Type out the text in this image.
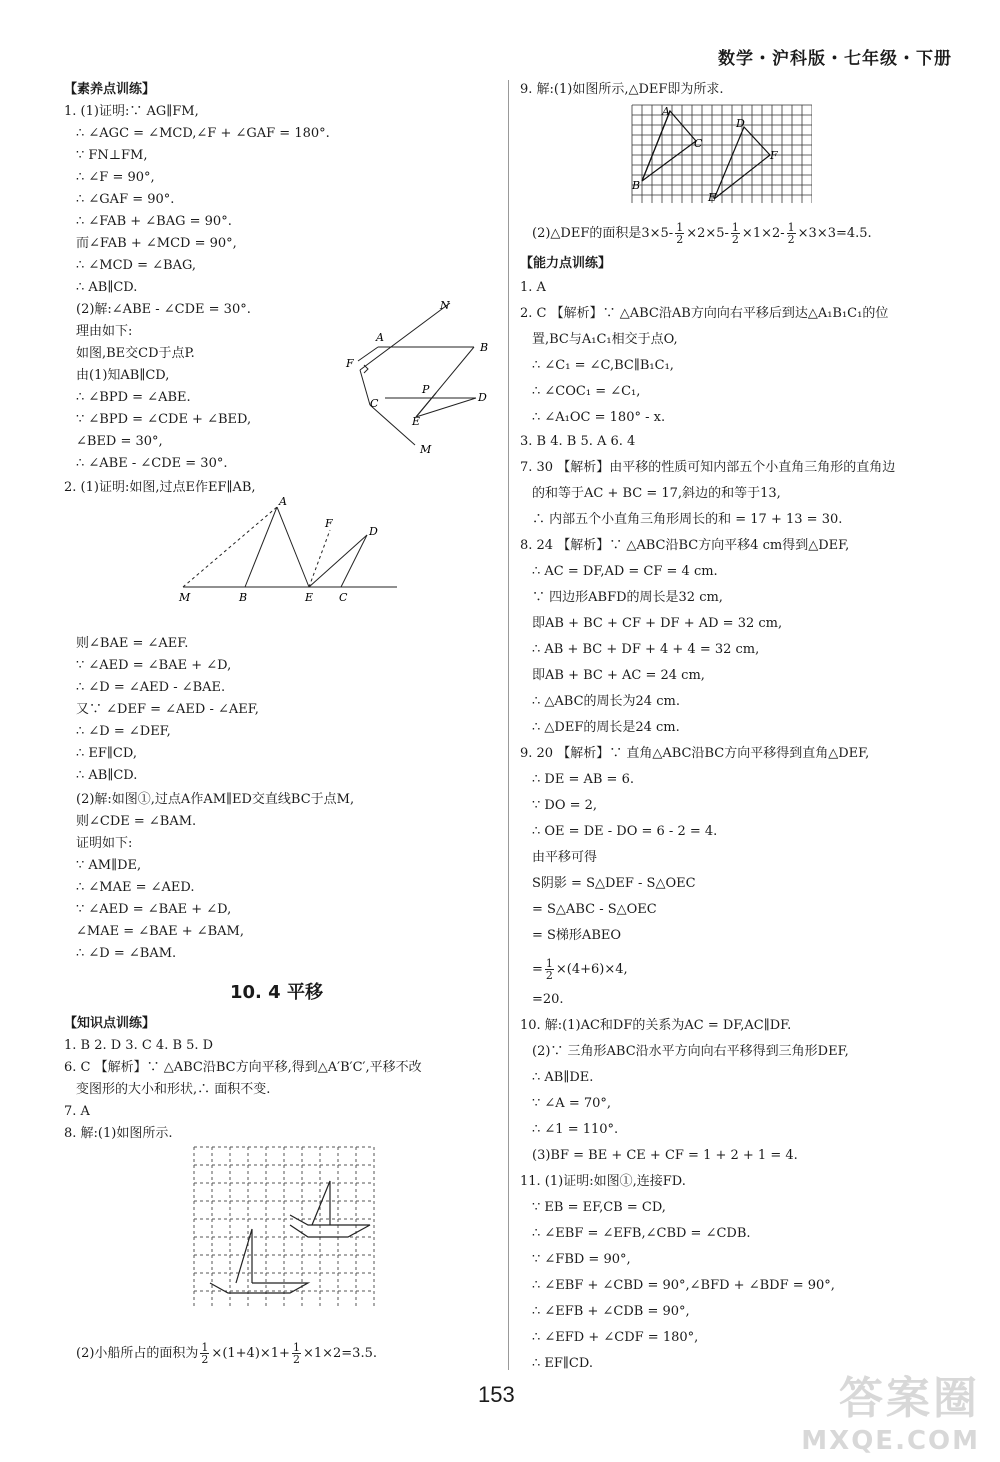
数学・沪科版・七年级・下册
【素养点训练】
1. (1)证明:∵ AG∥FM,
∴ ∠AGC = ∠MCD,∠F + ∠GAF = 180°.
∵ FN⊥FM,
∴ ∠F = 90°,
∴ ∠GAF = 90°.
∴ ∠FAB + ∠BAG = 90°.
而∠FAB + ∠MCD = 90°,
∴ ∠MCD = ∠BAG,
∴ AB∥CD.
(2)解:∠ABE - ∠CDE = 30°.
理由如下:
如图,BE交CD于点P.
由(1)知AB∥CD,
∴ ∠BPD = ∠ABE.
∵ ∠BPD = ∠CDE + ∠BED,
∠BED = 30°,
∴ ∠ABE - ∠CDE = 30°.
2. (1)证明:如图,过点E作EF∥AB,
则∠BAE = ∠AEF.
∵ ∠AED = ∠BAE + ∠D,
∴ ∠D = ∠AED - ∠BAE.
又∵ ∠DEF = ∠AED - ∠AEF,
∴ ∠D = ∠DEF,
∴ EF∥CD,
∴ AB∥CD.
(2)解:如图①,过点A作AM∥ED交直线BC于点M,
则∠CDE = ∠BAM.
证明如下:
∵ AM∥DE,
∴ ∠MAE = ∠AED.
∵ ∠AED = ∠BAE + ∠D,
∠MAE = ∠BAE + ∠BAM,
∴ ∠D = ∠BAM.
【知识点训练】
1. B 2. D 3. C 4. B 5. D
6. C 【解析】∵ △ABC沿BC方向平移,得到△A′B′C′,平移不改
变图形的大小和形状,∴ 面积不变.
7. A
8. 解:(1)如图所示.
(2)小船所占的面积为 $\frac{1}{2} \times(1+4)\times 1+ \frac{1}{2} \times 1\times 2=3.5$.
N
A
B
F
P
C	D
E
M
A
F
D
M	B	E C
10. 4 平移
9. 解:(1)如图所示,△DEF即为所求.
(2)△DEF的面积是$3\times 5- \frac{1}{2} \times 2\times 5- \frac{1}{2} \times 1\times 2- \frac{1}{2} \times 3\times 3=4.5$.
【能力点训练】
1. A
2. C 【解析】∵ △ABC沿AB方向向右平移后到达△A₁B₁C₁的位
置,BC与A₁C₁相交于点O,
∴ ∠C₁ = ∠C,BC∥B₁C₁,
∴ ∠COC₁ = ∠C₁,
∴ ∠A₁OC = 180° - x.
3. B 4. B 5. A 6. 4
7. 30 【解析】由平移的性质可知内部五个小直角三角形的直角边
的和等于AC + BC = 17,斜边的和等于13,
∴ 内部五个小直角三角形周长的和 = 17 + 13 = 30.
8. 24 【解析】∵ △ABC沿BC方向平移4 cm得到△DEF,
∴ AC = DF,AD = CF = 4 cm.
∵ 四边形ABFD的周长是32 cm,
即AB + BC + CF + DF + AD = 32 cm,
∴ AB + BC + DF + 4 + 4 = 32 cm,
即AB + BC + AC = 24 cm,
∴ △ABC的周长为24 cm.
∴ △DEF的周长是24 cm.
9. 20 【解析】∵ 直角△ABC沿BC方向平移得到直角△DEF,
∴ DE = AB = 6.
∵ DO = 2,
∴ OE = DE - DO = 6 - 2 = 4.
由平移可得
S阴影 = S△DEF - S△OEC
= S△ABC - S△OEC
= S梯形ABEO
= $\frac{1}{2} \times(4+6)\times 4$,
=20.
10. 解:(1)AC和DF的关系为AC = DF,AC∥DF.
(2)∵ 三角形ABC沿水平方向向右平移得到三角形DEF,
∴ AB∥DE.
∵ ∠A = 70°,
∴ ∠1 = 110°.
(3)BF = BE + CE + CF = 1 + 2 + 1 = 4.
11. (1)证明:如图①,连接FD.
∵ EB = EF,CB = CD,
∴ ∠EBF = ∠EFB,∠CBD = ∠CDB.
∵ ∠FBD = 90°,
∴ ∠EBF + ∠CBD = 90°,∠BFD + ∠BDF = 90°,
∴ ∠EFB + ∠CDB = 90°,
∴ ∠EFD + ∠CDF = 180°,
∴ EF∥CD.
A
C
B
D
E
F
153	答案圈
MXQE.COM
